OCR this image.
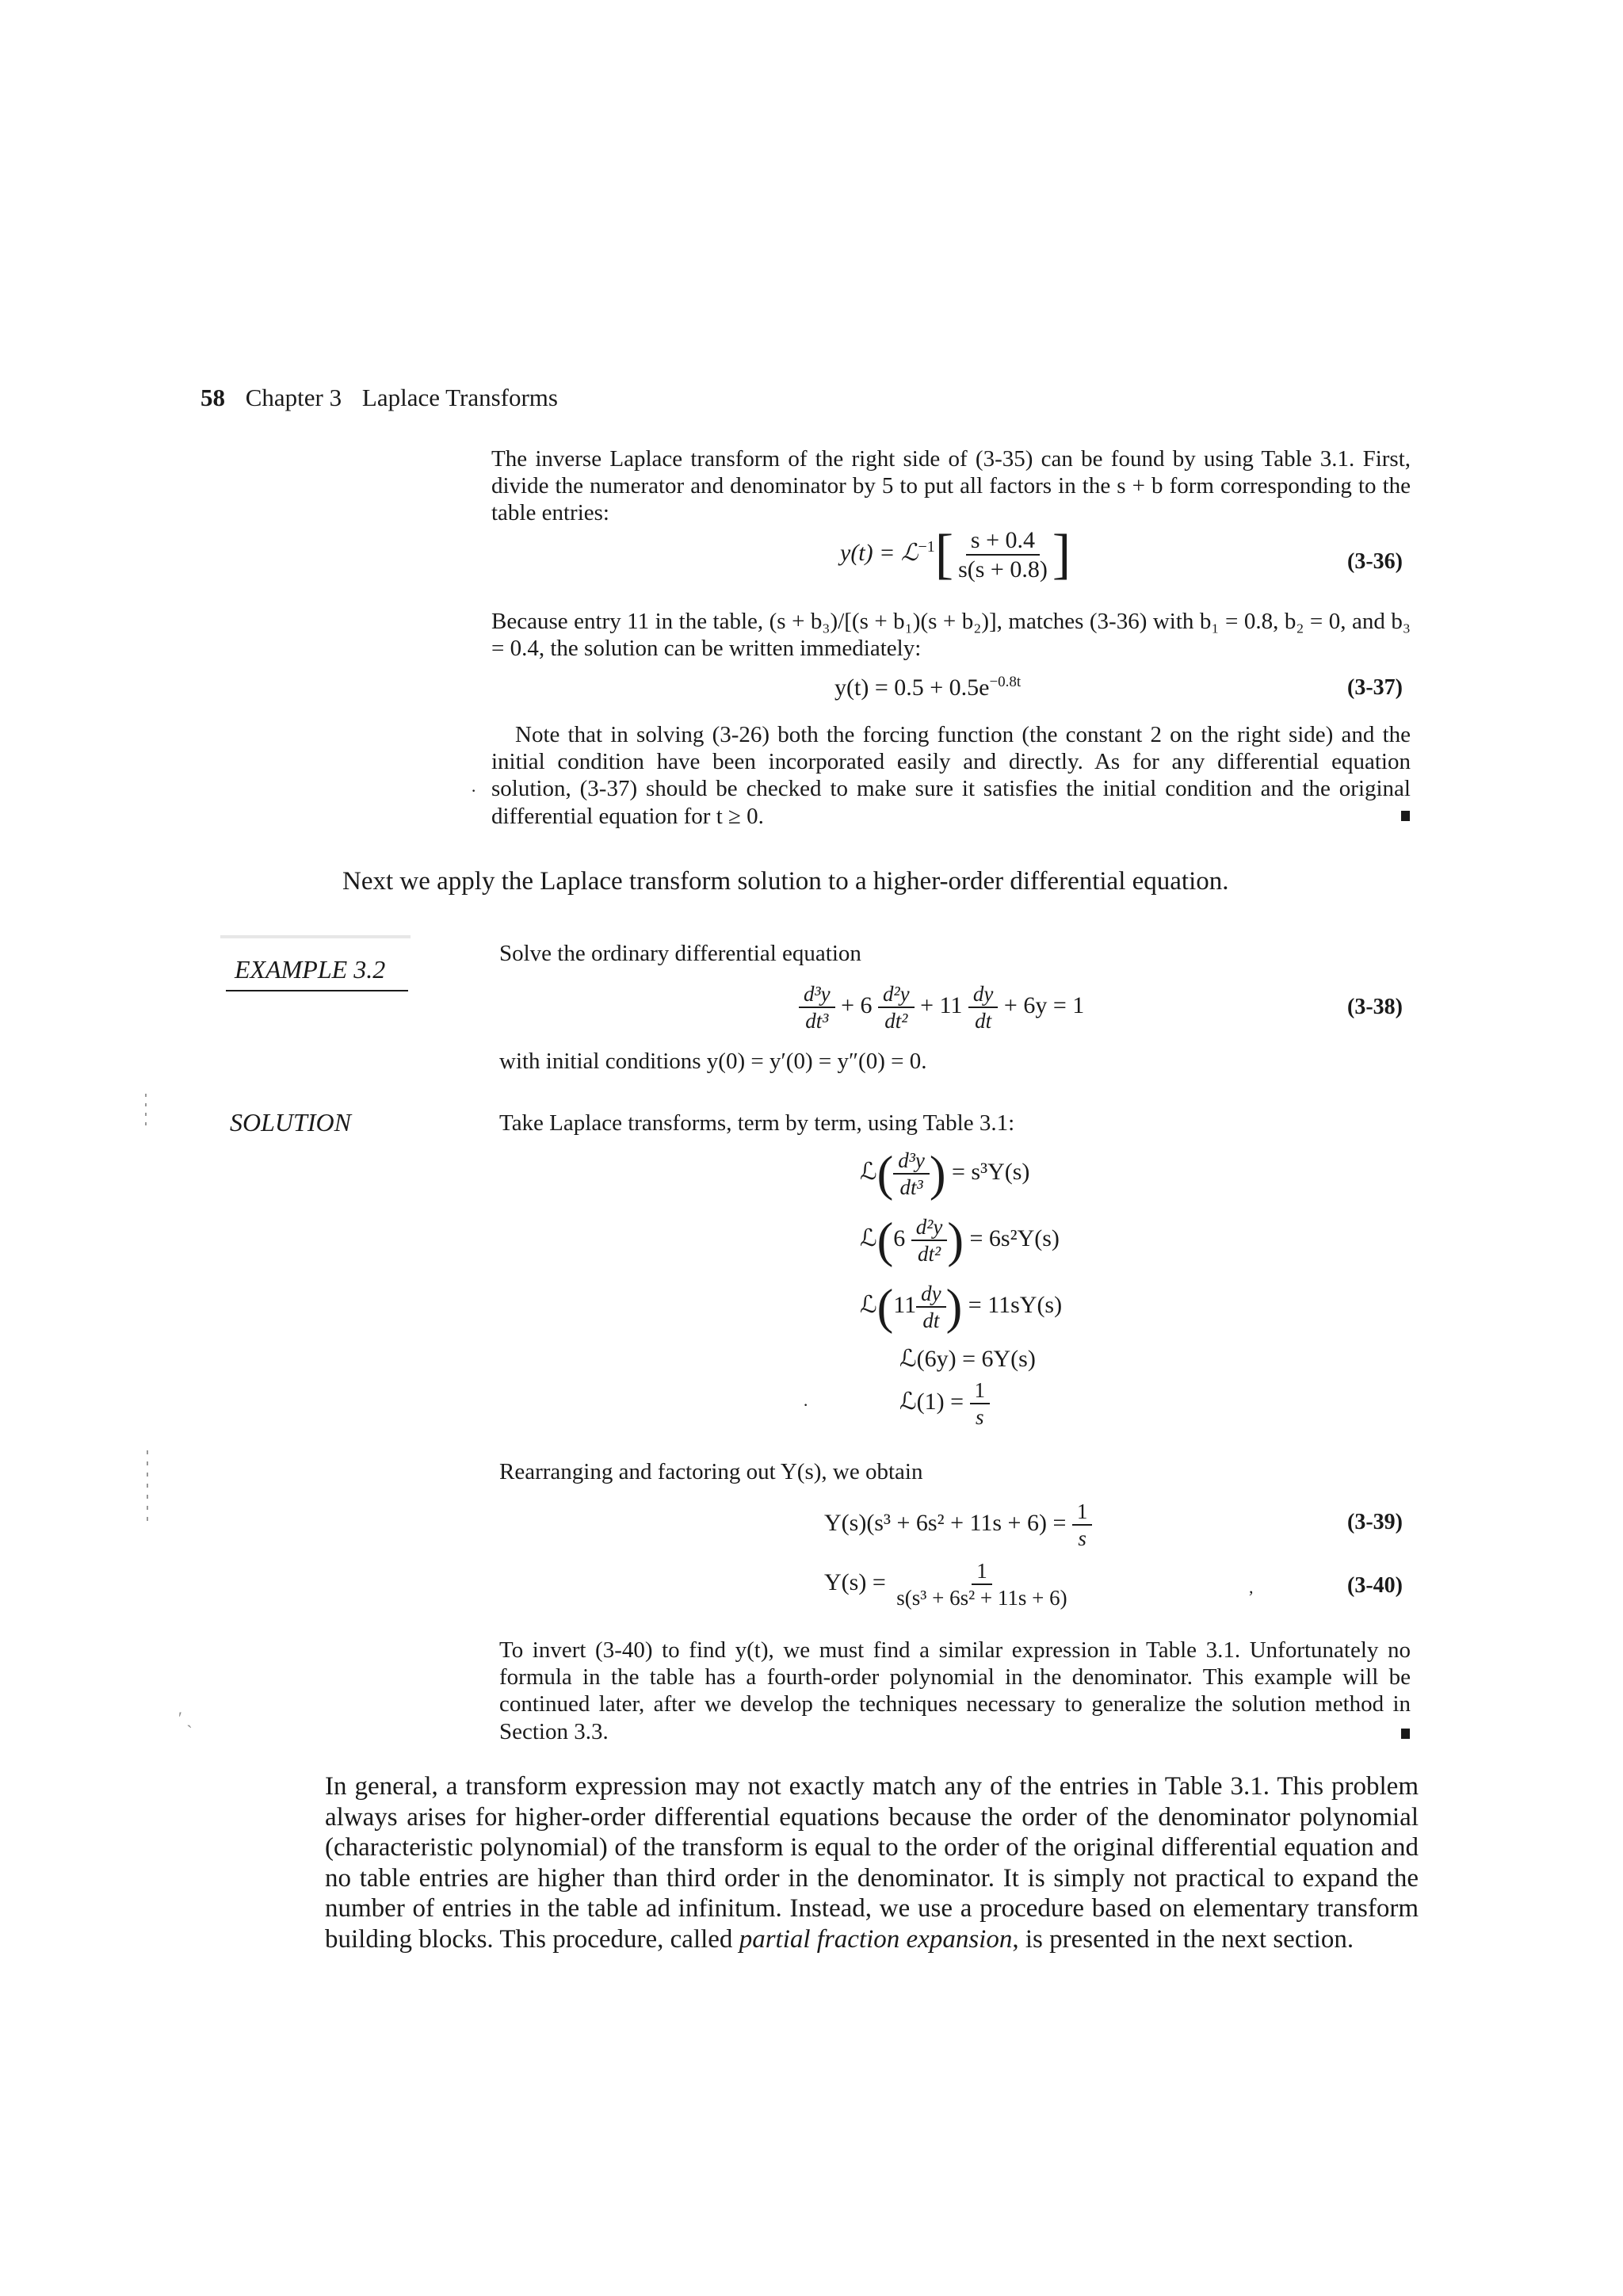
58 Chapter 3 Laplace Transforms
The inverse Laplace transform of the right side of (3-35) can be found by using Table 3.1. First, divide the numerator and denominator by 5 to put all factors in the s + b form corresponding to the table entries:
y(t) = ℒ$^{-1}$[ $\frac{s + 0.4}{s(s + 0.8)}$ ]	(3-36)
Because entry 11 in the table, (s + b₃)/[(s + b₁)(s + b₂)], matches (3-36) with b₁ = 0.8, b₂ = 0, and b₃ = 0.4, the solution can be written immediately:
$y(t) = 0.5 + 0.5e^{-0.8t}$	(3-37)
Note that in solving (3-26) both the forcing function (the constant 2 on the right side) and the initial condition have been incorporated easily and directly. As for any differential equation solution, (3-37) should be checked to make sure it satisfies the initial condition and the original differential equation for t ≥ 0.
·
Next we apply the Laplace transform solution to a higher-order differential equation.
EXAMPLE 3.2
Solve the ordinary differential equation
$\frac{\text{d³y}}{\text{dt³}} + 6 \frac{\text{d²y}}{\text{dt²}} + 11 \frac{dy}{dt} + 6y = 1$	(3-38)
with initial conditions y(0) = y′(0) = y″(0) = 0.
SOLUTION	Take Laplace transforms, term by term, using Table 3.1:
ℒ( $\frac{\text{d³y}}{\text{dt³}}$ ) = s³Y(s)
ℒ(6 $\frac{\text{d²y}}{\text{dt²}}$ ) = 6s²Y(s)
ℒ(11 $\frac{dy}{dt}$ ) = 11sY(s)
ℒ(6y) = 6Y(s)
ℒ(1) = $\frac{1}{s}$
·
Rearranging and factoring out Y(s), we obtain
$Y(s)(s^3 + 6s^2 + 11s + 6) = \frac{1}{s}$	(3-39)
$Y(s) = \frac{1}{\text{s(s³ + 6s² + 11s + 6)}}$	,	(3-40)
To invert (3-40) to find y(t), we must find a similar expression in Table 3.1. Unfortunately no formula in the table has a fourth-order polynomial in the denominator. This example will be continued later, after we develop the techniques necessary to generalize the solution method in Section 3.3.
′ ˏ
In general, a transform expression may not exactly match any of the entries in Table 3.1. This problem always arises for higher-order differential equations because the order of the denominator polynomial (characteristic polynomial) of the transform is equal to the order of the original differential equation and no table entries are higher than third order in the denominator. It is simply not practical to expand the number of entries in the table ad infinitum. Instead, we use a procedure based on elementary transform building blocks. This procedure, called partial fraction expansion, is presented in the next section.
